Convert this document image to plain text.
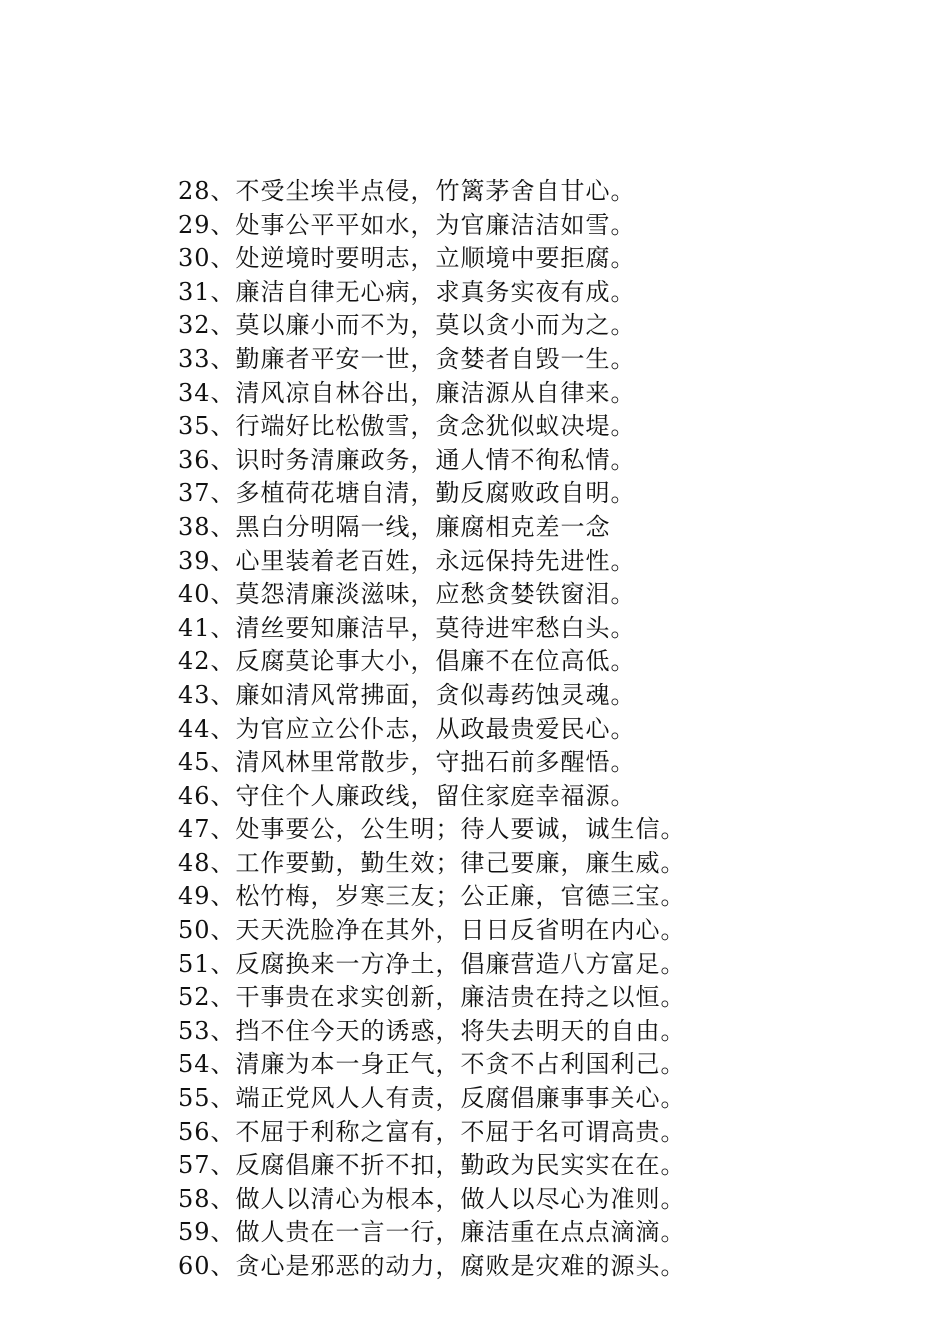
28、不受尘埃半点侵，竹篱茅舍自甘心。
29、处事公平平如水，为官廉洁洁如雪。
30、处逆境时要明志，立顺境中要拒腐。
31、廉洁自律无心病，求真务实夜有成。
32、莫以廉小而不为，莫以贪小而为之。
33、勤廉者平安一世，贪婪者自毁一生。
34、清风凉自林谷出，廉洁源从自律来。
35、行端好比松傲雪，贪念犹似蚁决堤。
36、识时务清廉政务，通人情不徇私情。
37、多植荷花塘自清，勤反腐败政自明。
38、黑白分明隔一线，廉腐相克差一念
39、心里装着老百姓，永远保持先进性。
40、莫怨清廉淡滋味，应愁贪婪铁窗泪。
41、清丝要知廉洁早，莫待进牢愁白头。
42、反腐莫论事大小，倡廉不在位高低。
43、廉如清风常拂面，贪似毒药蚀灵魂。
44、为官应立公仆志，从政最贵爱民心。
45、清风林里常散步，守拙石前多醒悟。
46、守住个人廉政线，留住家庭幸福源。
47、处事要公，公生明；待人要诚，诚生信。
48、工作要勤，勤生效；律己要廉，廉生威。
49、松竹梅，岁寒三友；公正廉，官德三宝。
50、天天洗脸净在其外，日日反省明在内心。
51、反腐换来一方净土，倡廉营造八方富足。
52、干事贵在求实创新，廉洁贵在持之以恒。
53、挡不住今天的诱惑，将失去明天的自由。
54、清廉为本一身正气，不贪不占利国利己。
55、端正党风人人有责，反腐倡廉事事关心。
56、不屈于利称之富有，不屈于名可谓高贵。
57、反腐倡廉不折不扣，勤政为民实实在在。
58、做人以清心为根本，做人以尽心为准则。
59、做人贵在一言一行，廉洁重在点点滴滴。
60、贪心是邪恶的动力，腐败是灾难的源头。
